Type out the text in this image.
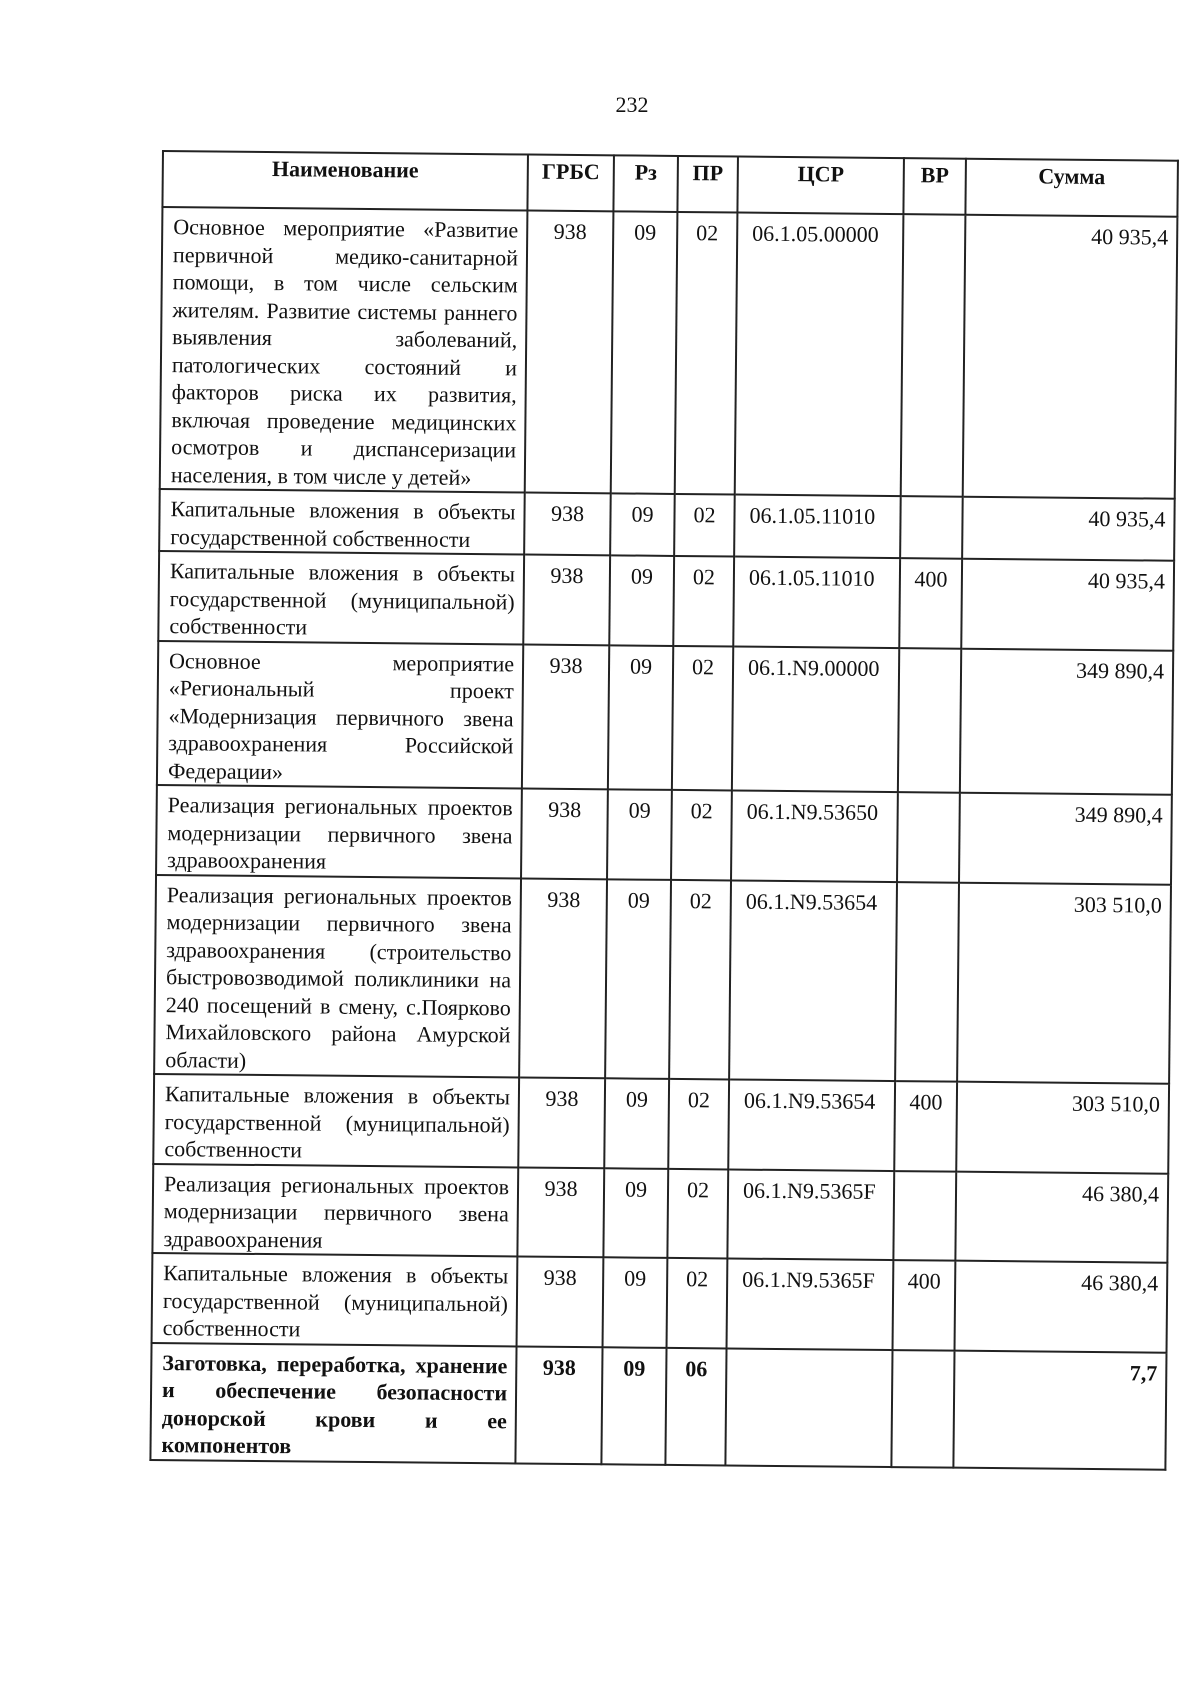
232
Наименование	ГРБС	Рз	ПР	ЦСР	ВР	Сумма
Основное мероприятие «Развитие первичной медико-санитарной помощи, в том числе сельским жителям. Развитие системы раннего выявления заболеваний, патологических состояний и факторов риска их развития, включая проведение медицинских осмотров и диспансеризации населения, в том числе у детей»	938	09	02	06.1.05.00000		40 935,4
Капитальные вложения в объекты государственной собственности	938	09	02	06.1.05.11010		40 935,4
Капитальные вложения в объекты государственной (муниципальной) собственности	938	09	02	06.1.05.11010	400	40 935,4
Основное мероприятие «Региональный проект «Модернизация первичного звена здравоохранения Российской Федерации»	938	09	02	06.1.N9.00000		349 890,4
Реализация региональных проектов модернизации первичного звена здравоохранения	938	09	02	06.1.N9.53650		349 890,4
Реализация региональных проектов модернизации первичного звена здравоохранения (строительство быстровозводимой поликлиники на 240 посещений в смену, с.Поярково Михайловского района Амурской области)	938	09	02	06.1.N9.53654		303 510,0
Капитальные вложения в объекты государственной (муниципальной) собственности	938	09	02	06.1.N9.53654	400	303 510,0
Реализация региональных проектов модернизации первичного звена здравоохранения	938	09	02	06.1.N9.5365F		46 380,4
Капитальные вложения в объекты государственной (муниципальной) собственности	938	09	02	06.1.N9.5365F	400	46 380,4
Заготовка, переработка, хранение и обеспечение безопасности донорской крови и ее компонентов	938	09	06			7,7
